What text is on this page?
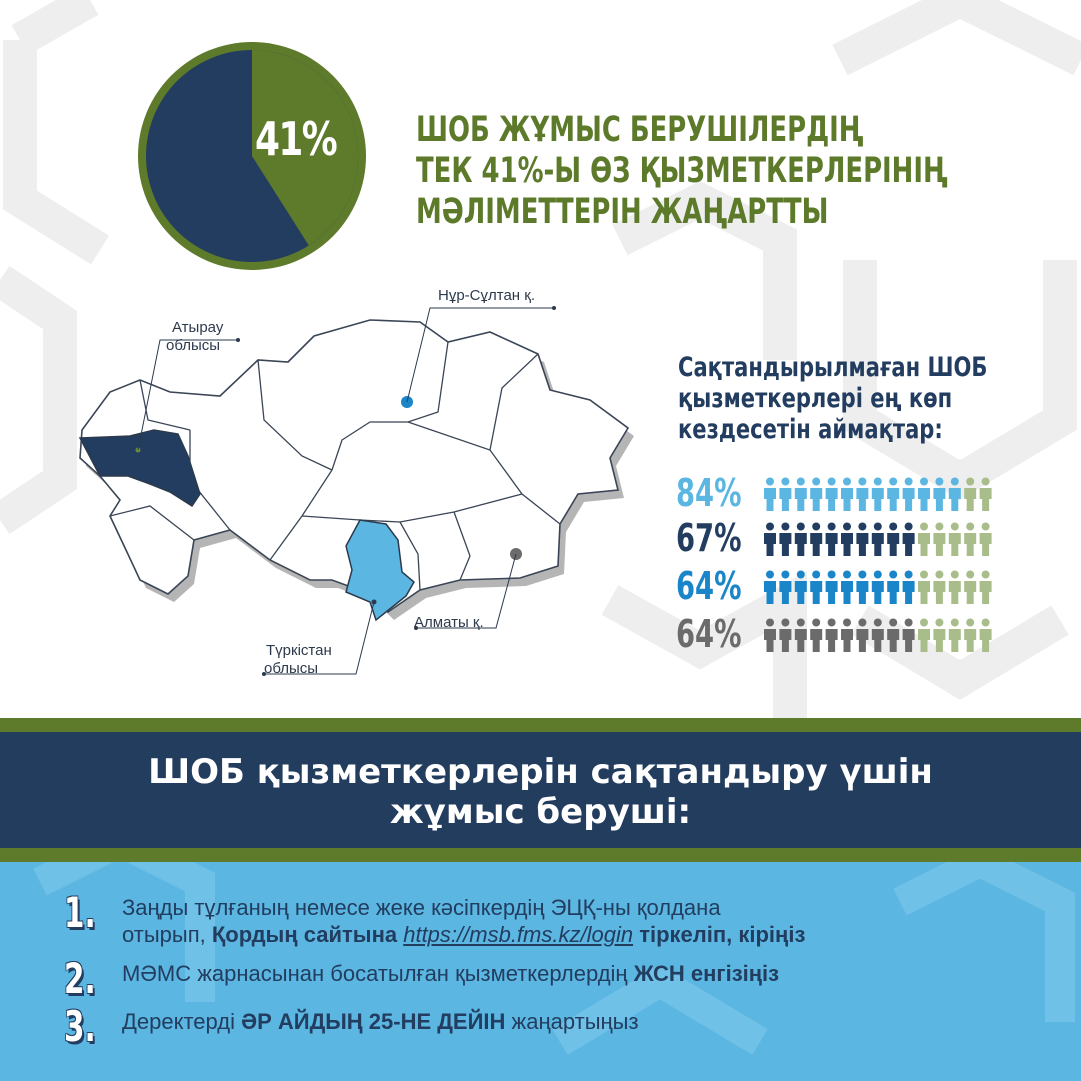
41% ШОБ ЖҰМЫС БЕРУШІЛЕРДІҢ
ТЕК 41%-Ы ӨЗ ҚЫЗМЕТКЕРЛЕРІНІҢ
МӘЛІМЕТТЕРІН ЖАҢАРТТЫ
Нұр-Сұлтан қ.
Атырау
облысы
Түркістан
облысы
Алматы қ.
Сақтандырылмаған ШОБ
қызметкерлері ең көп
кездесетін аймақтар:
84%
67%
64%
64%
ШОБ қызметкерлерін сақтандыру үшін
жұмыс беруші:
1. Заңды тұлғаның немесе жеке кәсіпкердің ЭЦҚ-ны қолдана
отырып, Қордың сайтына https://msb.fms.kz/login тіркеліп, кіріңіз
2. МӘМС жарнасынан босатылған қызметкерлердің ЖСН енгізіңіз
3. Деректерді ӘР АЙДЫҢ 25-НЕ ДЕЙІН жаңартыңыз
